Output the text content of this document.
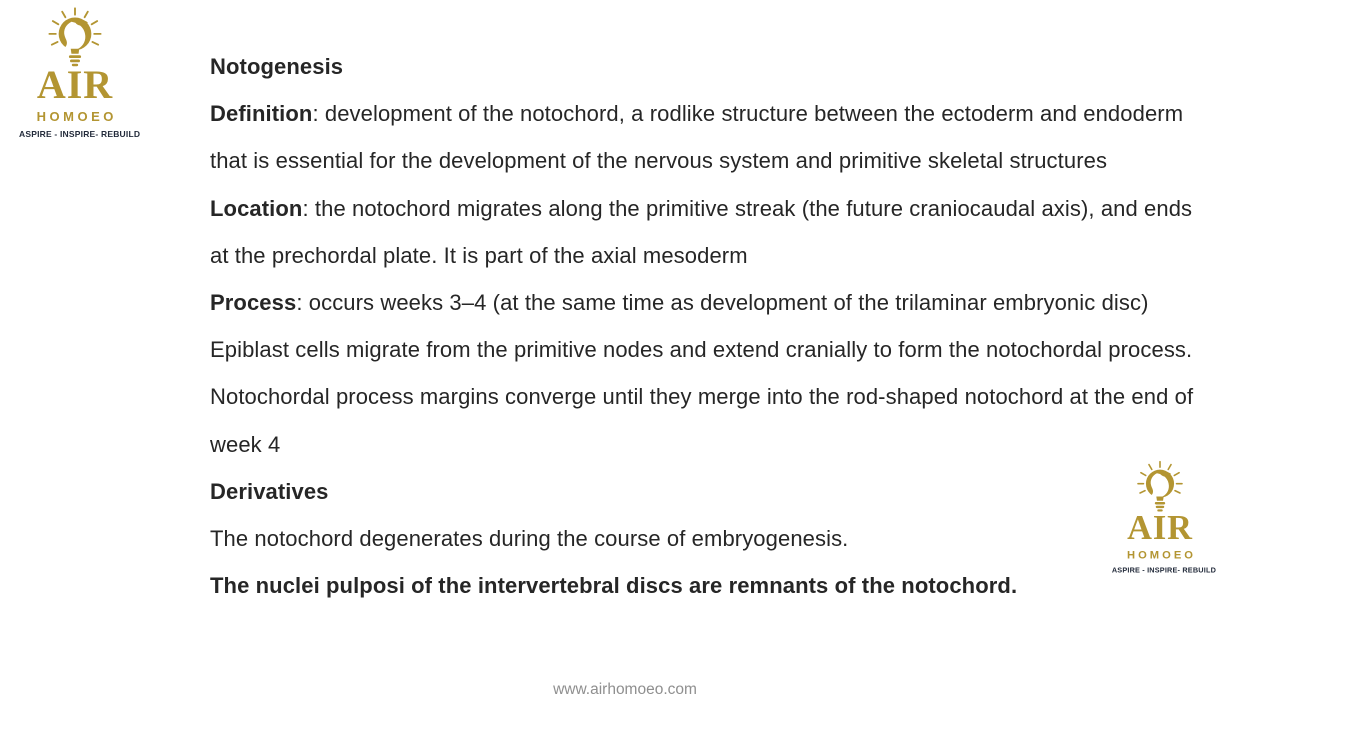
AIR
HOMOEO
ASPIRE - INSPIRE- REBUILD
Notogenesis
Definition: development of the notochord, a rodlike structure between the ectoderm and endoderm
that is essential for the development of the nervous system and primitive skeletal structures
Location: the notochord migrates along the primitive streak (the future craniocaudal axis), and ends
at the prechordal plate. It is part of the axial mesoderm
Process: occurs weeks 3–4 (at the same time as development of the trilaminar embryonic disc)
Epiblast cells migrate from the primitive nodes and extend cranially to form the notochordal process.
Notochordal process margins converge until they merge into the rod-shaped notochord at the end of
week 4
Derivatives
The notochord degenerates during the course of embryogenesis.
The nuclei pulposi of the intervertebral discs are remnants of the notochord.
AIR
HOMOEO
ASPIRE - INSPIRE- REBUILD
www.airhomoeo.com
